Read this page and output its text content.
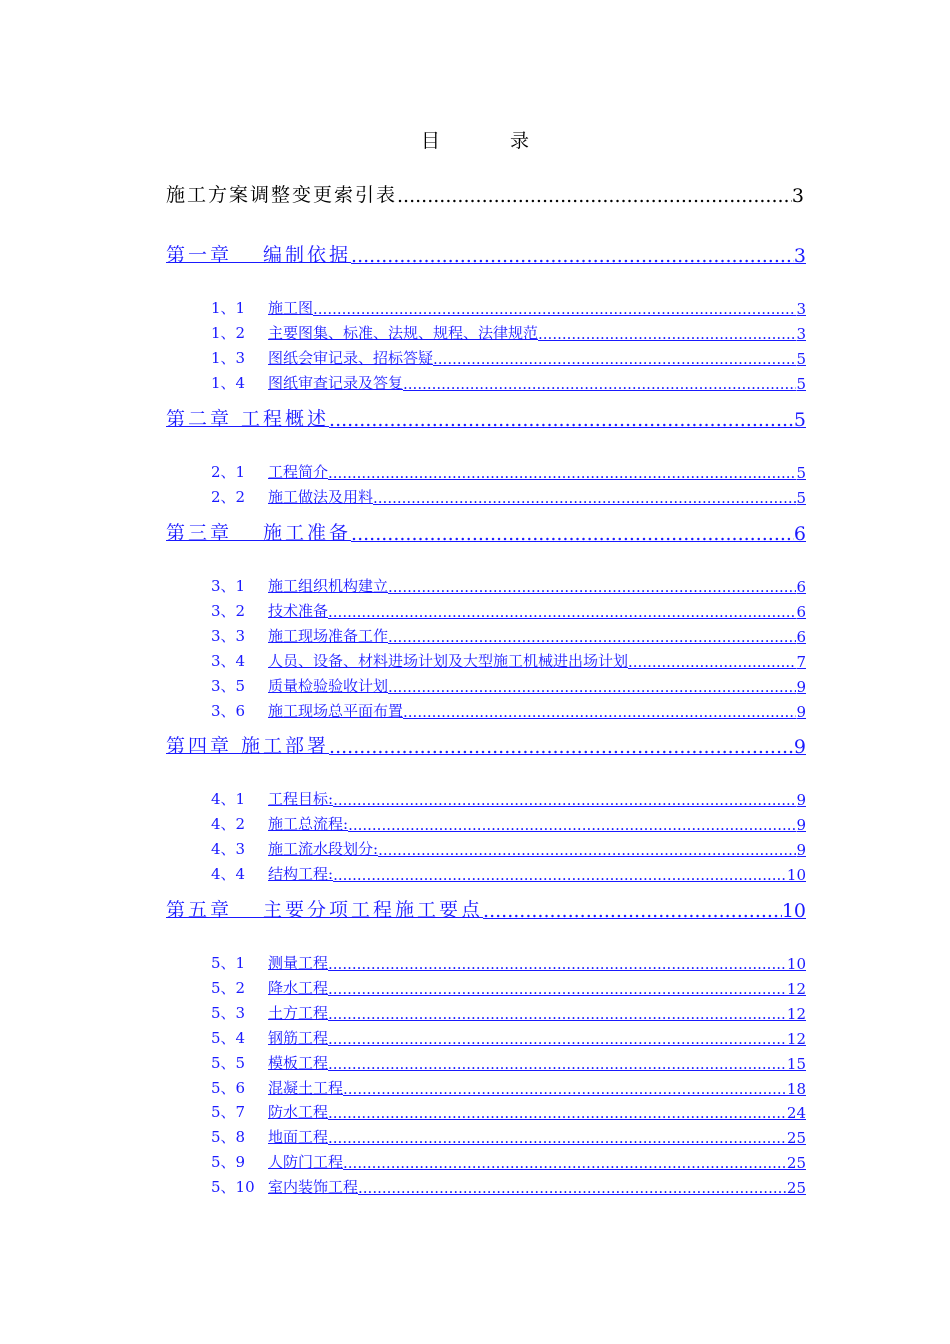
目	录
施工方案调整变更索引表 .....	3
第一章　 编制依据 .....	3
1、1 施工图 .....	3
1、2 主要图集、标准、法规、规程、法律规范 .....	3
1、3 图纸会审记录、招标答疑 .....	5
1、4 图纸审查记录及答复 .....	5
第二章 工程概述 .....	5
2、1 工程简介 .....	5
2、2 施工做法及用料 .....	5
第三章　 施工准备 .....	6
3、1 施工组织机构建立 .....	6
3、2 技术准备 .....	6
3、3 施工现场准备工作 .....	6
3、4 人员、设备、材料进场计划及大型施工机械进出场计划 .....	7
3、5 质量检验验收计划 .....	9
3、6 施工现场总平面布置 .....	9
第四章 施工部署 .....	9
4、1 工程目标: .....	9
4、2 施工总流程: .....	9
4、3 施工流水段划分: .....	9
4、4 结构工程: .....	10
第五章　 主要分项工程施工要点 .....	10
5、1 测量工程 .....	10
5、2 降水工程 .....	12
5、3 土方工程 .....	12
5、4 钢筋工程 .....	12
5、5 模板工程 .....	15
5、6 混凝土工程 .....	18
5、7 防水工程 .....	24
5、8 地面工程 .....	25
5、9 人防门工程 .....	25
5、10 室内装饰工程 .....	25
